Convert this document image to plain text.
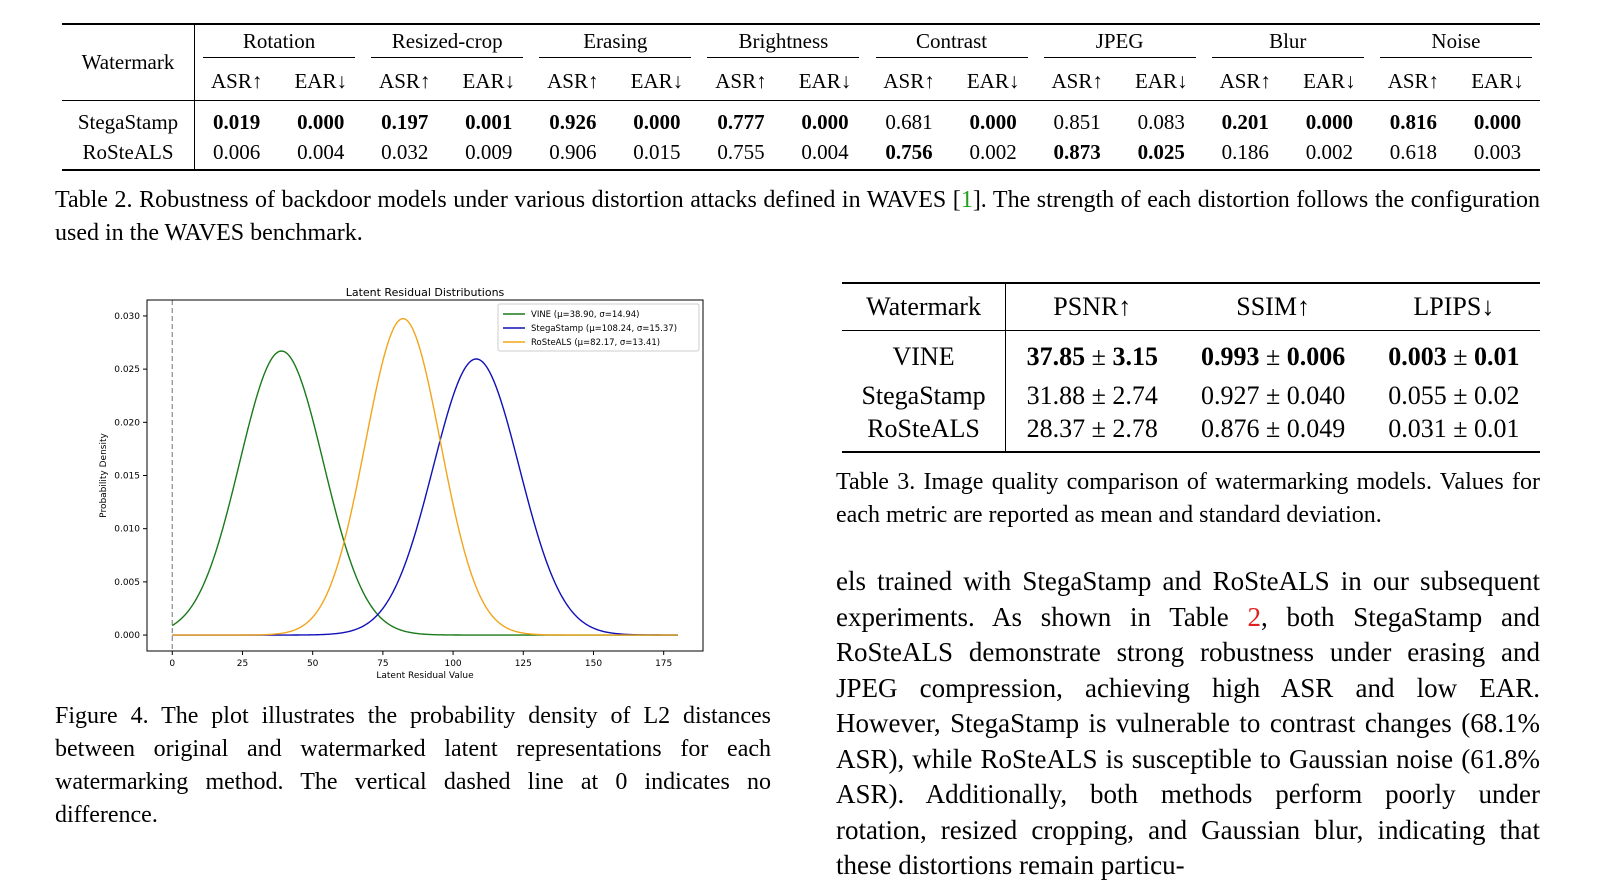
Watermark	Rotation		Resized-crop		Erasing		Brightness		Contrast		JPEG		Blur		Noise	
	ASR↑	EAR↓	ASR↑	EAR↓	ASR↑	EAR↓	ASR↑	EAR↓	ASR↑	EAR↓	ASR↑	EAR↓	ASR↑	EAR↓	ASR↑	EAR↓
StegaStamp	0.019	0.000	0.197	0.001	0.926	0.000	0.777	0.000	0.681	0.000	0.851	0.083	0.201	0.000	0.816	0.000
RoSteALS	0.006	0.004	0.032	0.009	0.906	0.015	0.755	0.004	0.756	0.002	0.873	0.025	0.186	0.002	0.618	0.003
Table 2. Robustness of backdoor models under various distortion attacks defined in WAVES [1]. The strength of each distortion follows the configuration used in the WAVES benchmark.
Latent Residual Distributions
0	25	50	75	100	125	150	175
0.000
0.005
0.010
0.015
0.020
0.025
0.030
Latent Residual Value
Probability Density
VINE (μ=38.90, σ=14.94)
StegaStamp (μ=108.24, σ=15.37)
RoSteALS (μ=82.17, σ=13.41)
Figure 4. The plot illustrates the probability density of L2 distances between original and watermarked latent representations for each watermarking method. The vertical dashed line at 0 indicates no difference.
Watermark	PSNR↑	SSIM↑	LPIPS↓
VINE	37.85 ± 3.15	0.993 ± 0.006	0.003 ± 0.01
StegaStamp	31.88 ± 2.74	0.927 ± 0.040	0.055 ± 0.02
RoSteALS	28.37 ± 2.78	0.876 ± 0.049	0.031 ± 0.01
Table 3. Image quality comparison of watermarking models. Values for each metric are reported as mean and standard deviation.
els trained with StegaStamp and RoSteALS in our subsequent experiments. As shown in Table 2, both StegaStamp and RoSteALS demonstrate strong robustness under erasing and JPEG compression, achieving high ASR and low EAR. However, StegaStamp is vulnerable to contrast changes (68.1% ASR), while RoSteALS is susceptible to Gaussian noise (61.8% ASR). Additionally, both methods perform poorly under rotation, resized cropping, and Gaussian blur, indicating that these distortions remain particu-
